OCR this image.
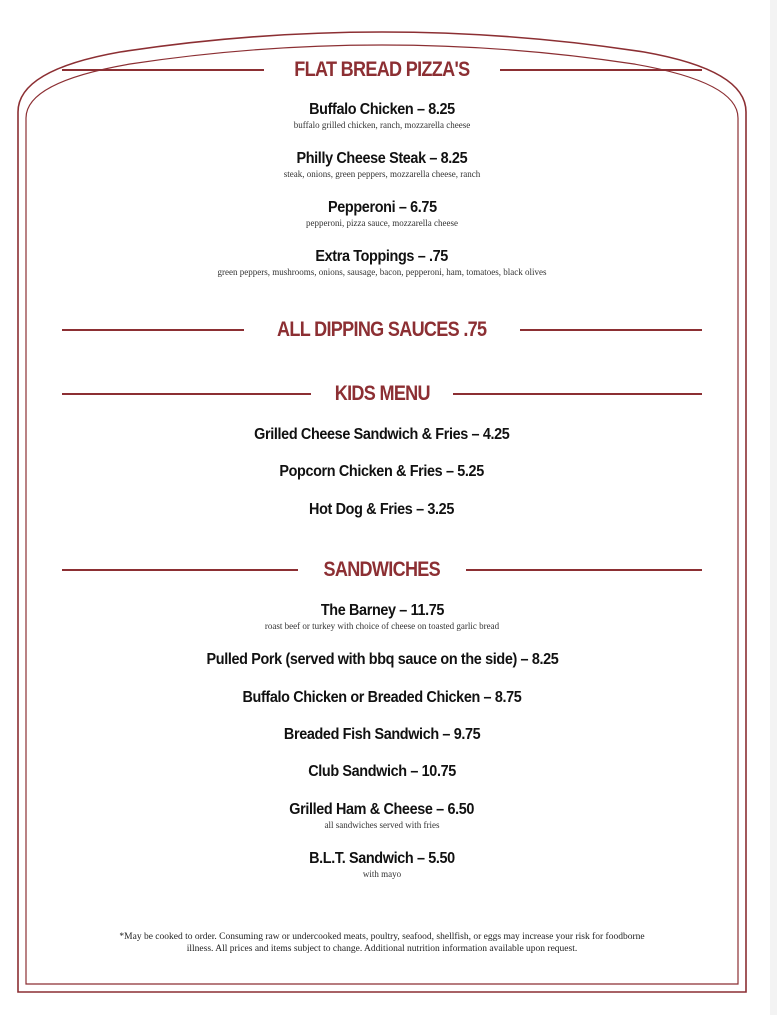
FLAT BREAD PIZZA'S
Buffalo Chicken – 8.25
buffalo grilled chicken, ranch, mozzarella cheese
Philly Cheese Steak – 8.25
steak, onions, green peppers, mozzarella cheese, ranch
Pepperoni – 6.75
pepperoni, pizza sauce, mozzarella cheese
Extra Toppings – .75
green peppers, mushrooms, onions, sausage, bacon, pepperoni, ham, tomatoes, black olives
ALL DIPPING SAUCES .75
KIDS MENU
Grilled Cheese Sandwich & Fries – 4.25
Popcorn Chicken & Fries – 5.25
Hot Dog & Fries – 3.25
SANDWICHES
The Barney – 11.75
roast beef or turkey with choice of cheese on toasted garlic bread
Pulled Pork (served with bbq sauce on the side) – 8.25
Buffalo Chicken or Breaded Chicken – 8.75
Breaded Fish Sandwich – 9.75
Club Sandwich – 10.75
Grilled Ham & Cheese – 6.50
all sandwiches served with fries
B.L.T. Sandwich – 5.50
with mayo
*May be cooked to order. Consuming raw or undercooked meats, poultry, seafood, shellfish, or eggs may increase your risk for foodborne
illness. All prices and items subject to change. Additional nutrition information available upon request.
